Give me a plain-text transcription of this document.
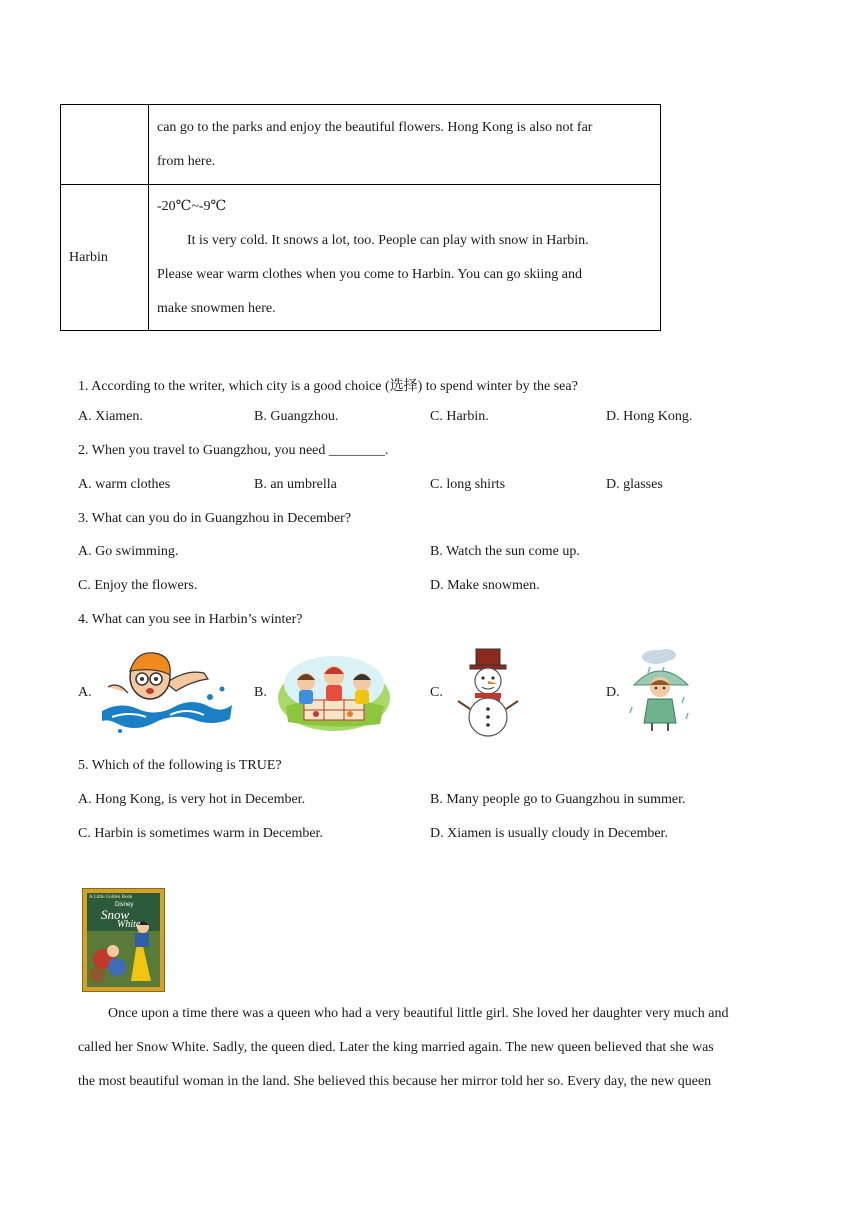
	can go to the parks and enjoy the beautiful flowers. Hong Kong is also not far
from here.

Harbin	-20℃~-9℃
It is very cold. It snows a lot, too. People can play with snow in Harbin.
Please wear warm clothes when you come to Harbin. You can go skiing and
make snowmen here.
1. According to the writer, which city is a good choice (选择) to spend winter by the sea?
A. Xiamen.	B. Guangzhou.	C. Harbin.	D. Hong Kong.
2. When you travel to Guangzhou, you need ________.
A. warm clothes	B. an umbrella	C. long shirts	D. glasses
3. What can you do in Guangzhou in December?
A. Go swimming.	B. Watch the sun come up.
C. Enjoy the flowers.	D. Make snowmen.
4. What can you see in Harbin’s winter?
A.	B.	C.	D.
5. Which of the following is TRUE?
A. Hong Kong, is very hot in December.	B. Many people go to Guangzhou in summer.
C. Harbin is sometimes warm in December.	D. Xiamen is usually cloudy in December.
A Little Golden Book
Disney
Snow
White
Once upon a time there was a queen who had a very beautiful little girl. She loved her daughter very much and
called her Snow White. Sadly, the queen died. Later the king married again. The new queen believed that she was
the most beautiful woman in the land. She believed this because her mirror told her so. Every day, the new queen
